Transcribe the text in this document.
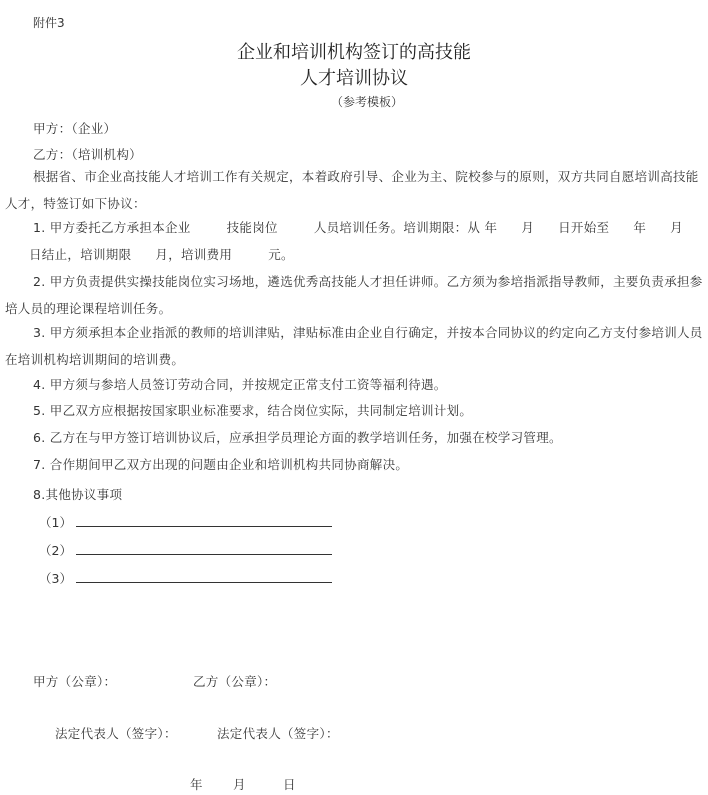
附件3
企业和培训机构签订的高技能
人才培训协议
（参考模板）
甲方：（企业）
乙方：（培训机构）
根据省、市企业高技能人才培训工作有关规定，本着政府引导、企业为主、院校参与的原则，双方共同自愿培训高技能人才，特签订如下协议：
1. 甲方委托乙方承担本企业	技能岗位	人员培训任务。培训期限：从 年 月 日开始至 年 月日结止，培训期限 月，培训费用	元。
2. 甲方负责提供实操技能岗位实习场地，遴选优秀高技能人才担任讲师。乙方须为参培指派指导教师，主要负责承担参培人员的理论课程培训任务。
3. 甲方须承担本企业指派的教师的培训津贴，津贴标准由企业自行确定，并按本合同协议的约定向乙方支付参培训人员在培训机构培训期间的培训费。
4. 甲方须与参培人员签订劳动合同，并按规定正常支付工资等福利待遇。
5. 甲乙双方应根据按国家职业标准要求，结合岗位实际，共同制定培训计划。
6. 乙方在与甲方签订培训协议后，应承担学员理论方面的教学培训任务，加强在校学习管理。
7. 合作期间甲乙双方出现的问题由企业和培训机构共同协商解决。
8.其他协议事项
（1）
（2）
（3）
甲方（公章）：	乙方（公章）：
法定代表人（签字）：	法定代表人（签字）：
年 月	日
